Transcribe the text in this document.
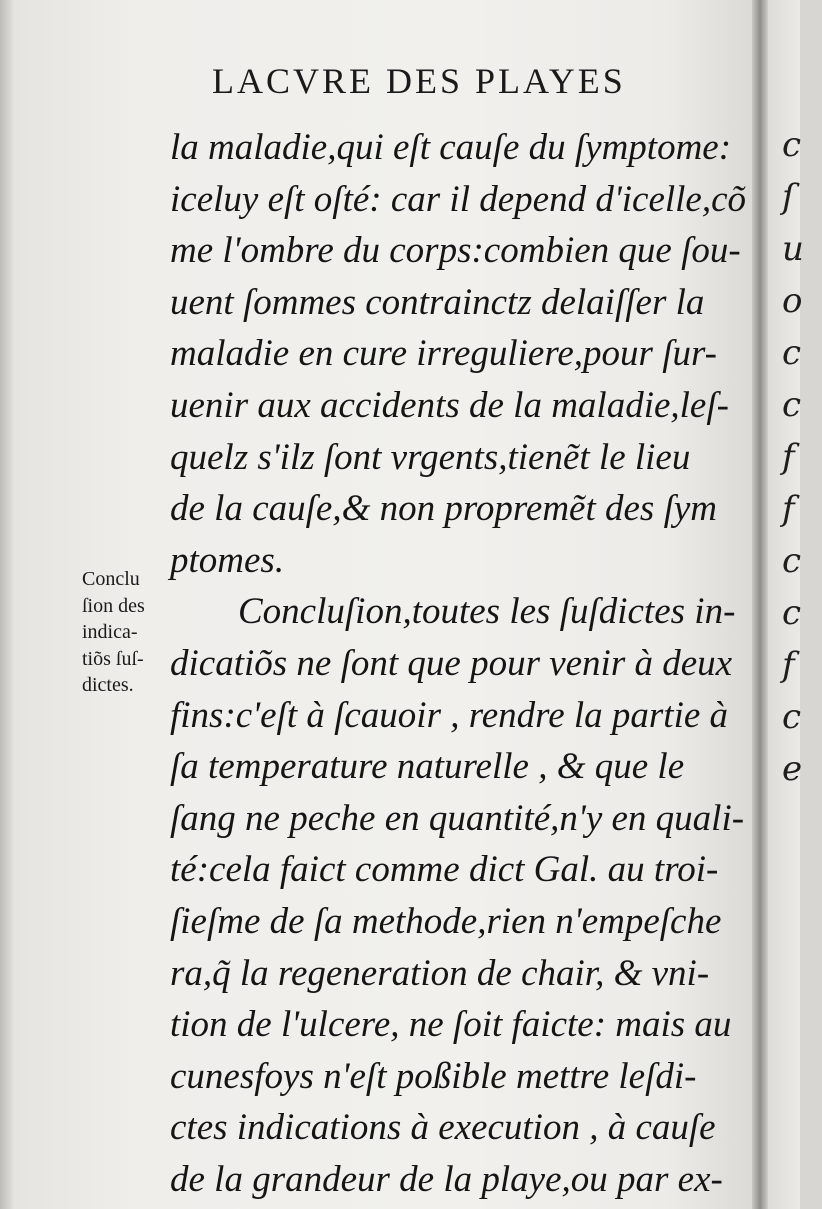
LACVRE DES PLAYES
la maladie,qui eſt cauſe du ſymptome:
iceluy eſt oſté: car il depend d'icelle,cõ
me l'ombre du corps:combien que ſou-
uent ſommes contrainctz delaiſſer la
maladie en cure irreguliere,pour ſur-
uenir aux accidents de la maladie,leſ-
quelz s'ilz ſont vrgents,tienẽt le lieu
de la cauſe,& non propremẽt des ſym
ptomes.
Concluſion,toutes les ſuſdictes in-
dicatiõs ne ſont que pour venir à deux
fins:c'eſt à ſcauoir , rendre la partie à
ſa temperature naturelle , & que le
ſang ne peche en quantité,n'y en quali-
té:cela faict comme dict Gal. au troi-
ſieſme de ſa methode,rien n'empeſche
ra,q̃ la regeneration de chair, & vni-
tion de l'ulcere, ne ſoit faicte: mais au
cunesfoys n'eſt poßible mettre leſdi-
ctes indications à execution , à cauſe
de la grandeur de la playe,ou par ex-
Conclu
ſion des
indica-
tiõs ſuſ-
dictes.
c
ſ
u
o
c
c
f
f
c
c
f
c
e
